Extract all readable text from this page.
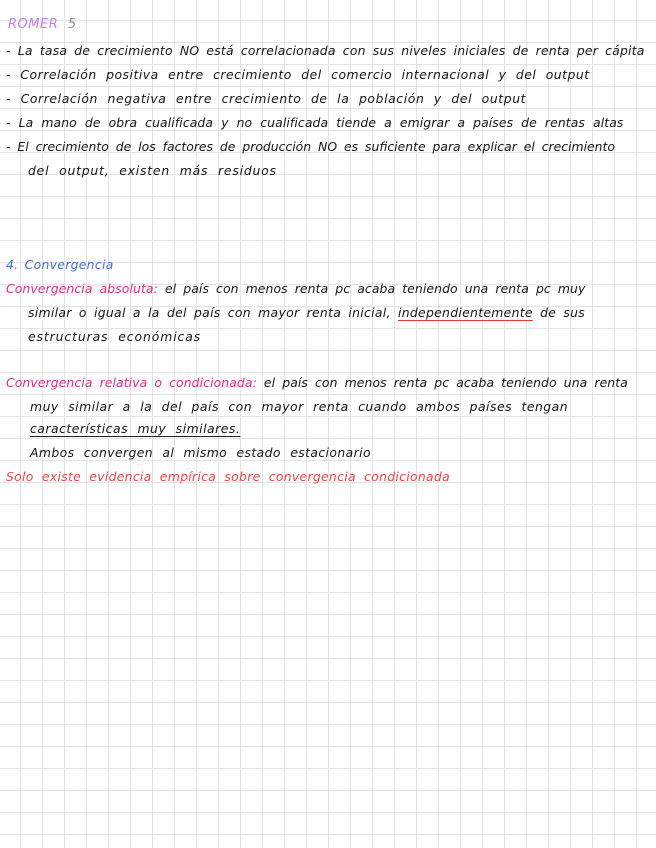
ROMER 5
- La tasa de crecimiento NO está correlacionada con sus niveles iniciales de renta per cápita
- Correlación positiva entre crecimiento del comercio internacional y del output
- Correlación negativa entre crecimiento de la población y del output
- La mano de obra cualificada y no cualificada tiende a emigrar a países de rentas altas
- El crecimiento de los factores de producción NO es suficiente para explicar el crecimiento
del output, existen más residuos
4. Convergencia
Convergencia absoluta: el país con menos renta pc acaba teniendo una renta pc muy
similar o igual a la del país con mayor renta inicial, independientemente de sus
estructuras económicas
Convergencia relativa o condicionada: el país con menos renta pc acaba teniendo una renta
muy similar a la del país con mayor renta cuando ambos países tengan
características muy similares.
Ambos convergen al mismo estado estacionario
Solo existe evidencia empírica sobre convergencia condicionada
